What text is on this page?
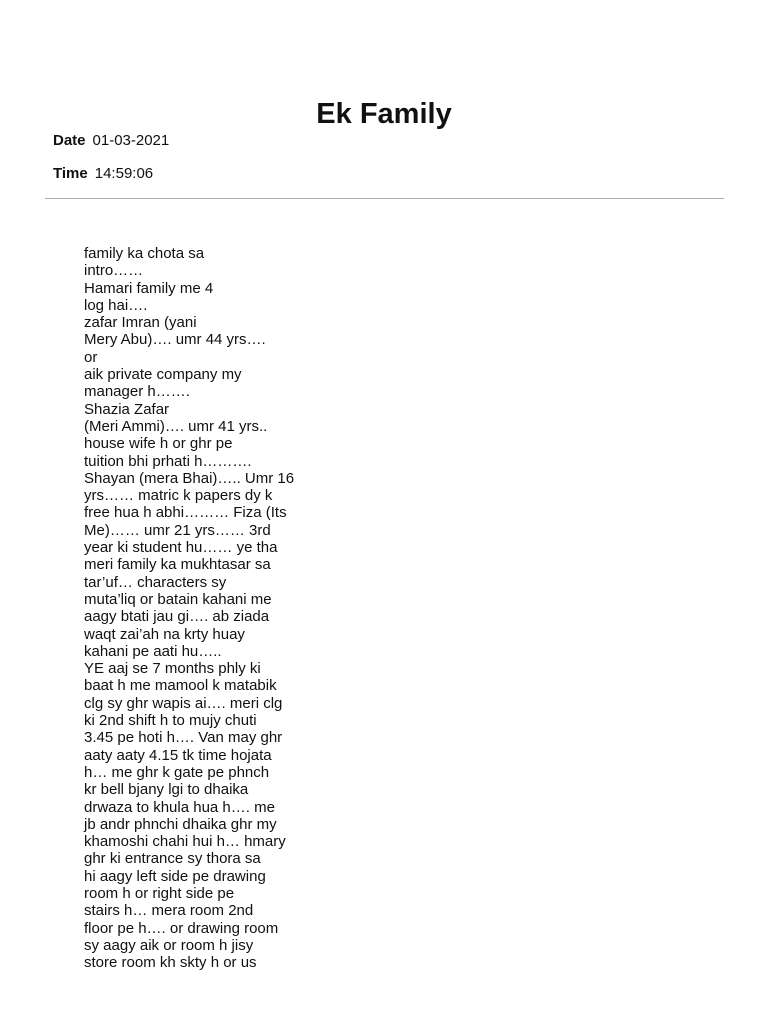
Ek Family
Date 01-03-2021
Time 14:59:06
family ka chota sa
intro……
Hamari family me 4
log hai….
zafar Imran (yani
Mery Abu)…. umr 44 yrs….
or
aik private company my
manager h…….
Shazia Zafar
(Meri Ammi)…. umr 41 yrs..
house wife h or ghr pe
tuition bhi prhati h……….
Shayan (mera Bhai)….. Umr 16
yrs…… matric k papers dy k
free hua h abhi……… Fiza (Its
Me)…… umr 21 yrs…… 3rd
year ki student hu…… ye tha
meri family ka mukhtasar sa
tar’uf… characters sy
muta’liq or batain kahani me
aagy btati jau gi…. ab ziada
waqt zai’ah na krty huay
kahani pe aati hu…..
YE aaj se 7 months phly ki
baat h me mamool k matabik
clg sy ghr wapis ai…. meri clg
ki 2nd shift h to mujy chuti
3.45 pe hoti h…. Van may ghr
aaty aaty 4.15 tk time hojata
h… me ghr k gate pe phnch
kr bell bjany lgi to dhaika
drwaza to khula hua h…. me
jb andr phnchi dhaika ghr my
khamoshi chahi hui h… hmary
ghr ki entrance sy thora sa
hi aagy left side pe drawing
room h or right side pe
stairs h… mera room 2nd
floor pe h…. or drawing room
sy aagy aik or room h jisy
store room kh skty h or us
